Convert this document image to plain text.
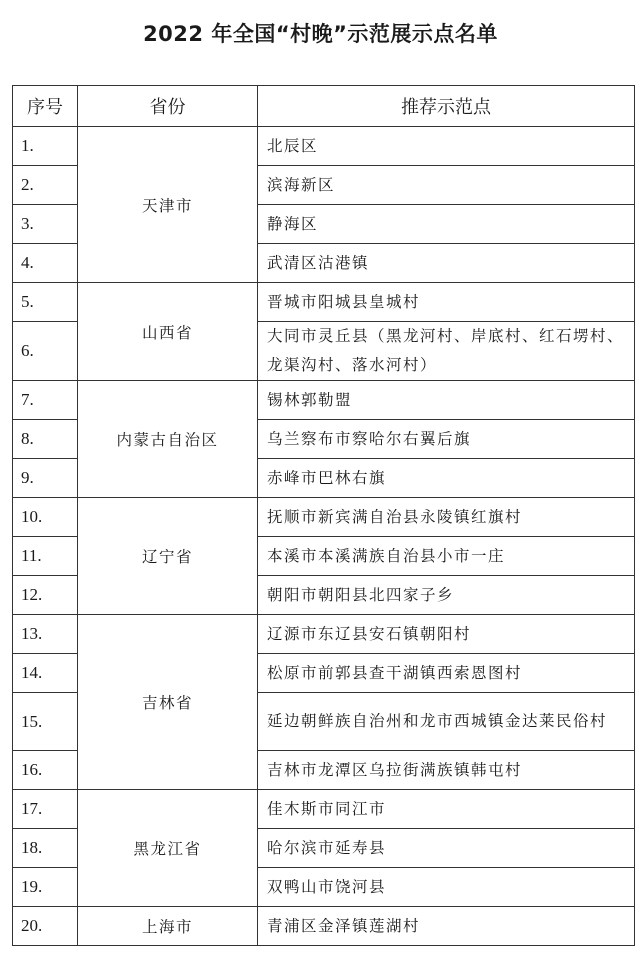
2022 年全国“村晚”示范展示点名单
序号	省份	推荐示范点
1.	天津市	北辰区
2.		滨海新区
3.		静海区
4.		武清区沽港镇
5.	山西省	晋城市阳城县皇城村
6.		大同市灵丘县（黑龙河村、岸底村、红石塄村、龙渠沟村、落水河村）
7.	内蒙古自治区	锡林郭勒盟
8.		乌兰察布市察哈尔右翼后旗
9.		赤峰市巴林右旗
10.	辽宁省	抚顺市新宾满自治县永陵镇红旗村
11.		本溪市本溪满族自治县小市一庄
12.		朝阳市朝阳县北四家子乡
13.	吉林省	辽源市东辽县安石镇朝阳村
14.		松原市前郭县查干湖镇西索恩图村
15.		延边朝鲜族自治州和龙市西城镇金达莱民俗村
16.		吉林市龙潭区乌拉街满族镇韩屯村
17.	黑龙江省	佳木斯市同江市
18.		哈尔滨市延寿县
19.		双鸭山市饶河县
20.	上海市	青浦区金泽镇莲湖村
